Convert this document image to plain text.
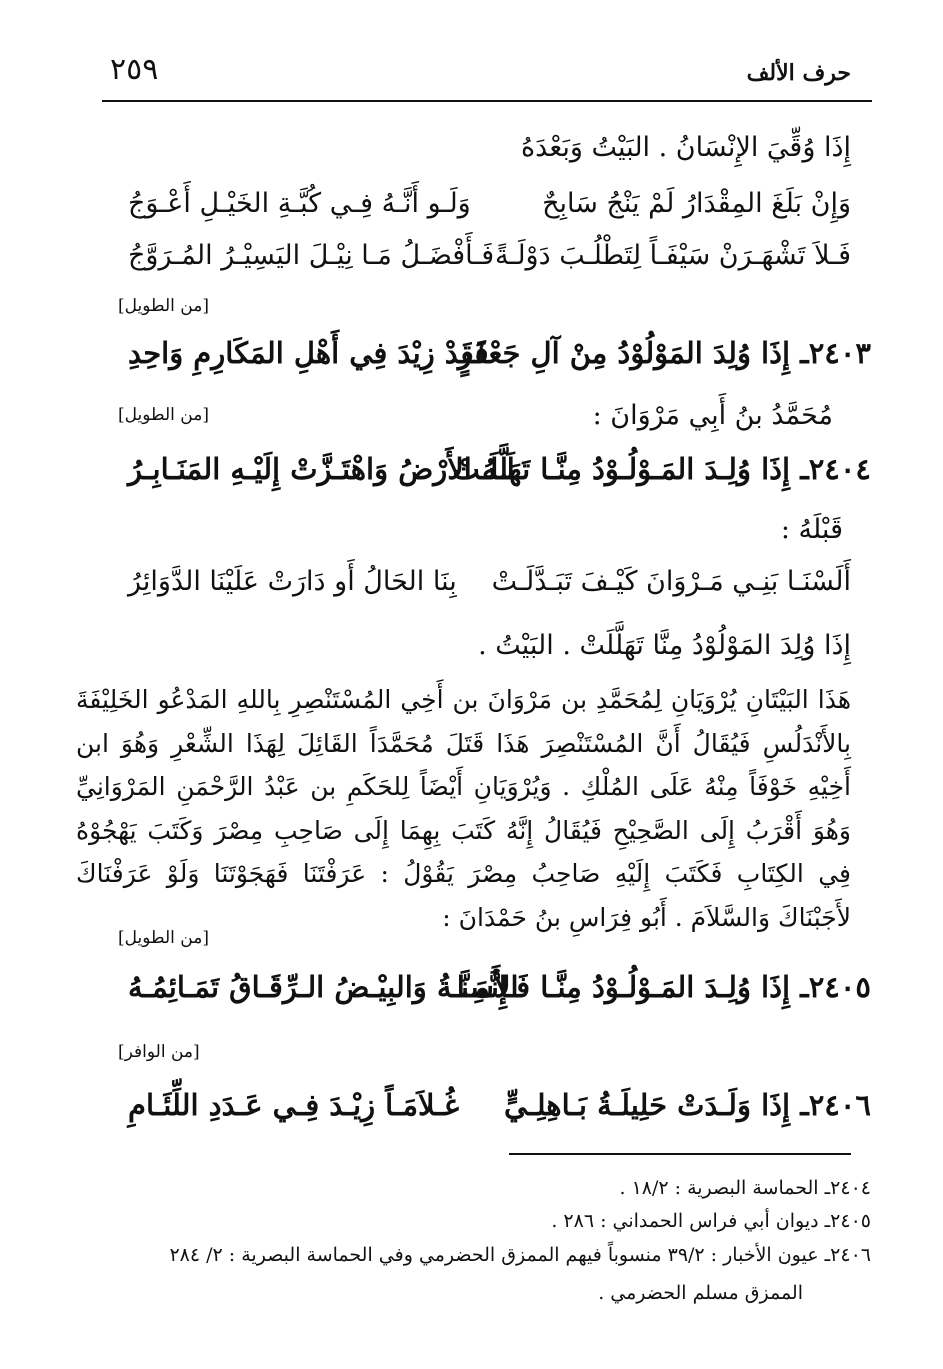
حرف الألف
٢٥٩
إِذَا وُقِّيَ الإِنْسَانُ . البَيْتُ وَبَعْدَهُ
وَإِنْ بَلَغَ المِقْدَارُ لَمْ يَنْجُ سَابِحٌ
وَلَـو أَنَّـهُ فِـي كُبَّـةِ الخَيْـلِ أَعْـوَجُ
فَـلاَ تَشْهَـرَنْ سَيْفَـاً لِتَطْلُـبَ دَوْلَـةً
فَـأَفْضَـلُ مَـا نِيْـلَ اليَسِيْـرُ المُـرَوَّجُ
[من الطويل]
٢٤٠٣ـ إِذَا وُلِدَ المَوْلُوْدُ مِنْ آلِ جَعْفَرٍ
فَقَدْ زِيْدَ فِي أَهْلِ المَكَارِمِ وَاحِدِ
مُحَمَّدُ بنُ أَبِي مَرْوَانَ :
[من الطويل]
٢٤٠٤ـ إِذَا وُلِـدَ المَـوْلُـوْدُ مِنَّـا تَهَلَّلَـتْ
لَـهُ الأَرْضُ وَاهْتَـزَّتْ إِلَيْـهِ المَنَـابِـرُ
قَبْلَهُ :
أَلَسْنَـا بَنِـي مَـرْوَانَ كَيْـفَ تَبَـدَّلَـتْ
بِنَا الحَالُ أَو دَارَتْ عَلَيْنَا الدَّوَائِرُ
إِذَا وُلِدَ المَوْلُوْدُ مِنَّا تَهَلَّلَتْ . البَيْتُ .
هَذَا البَيْتَانِ يُرْوَيَانِ لِمُحَمَّدِ بن مَرْوَانَ بن أَخِي المُسْتَنْصِرِ بِاللهِ المَدْعُو الخَلِيْفَةَ بِالأَنْدَلُسِ فَيُقَالُ أَنَّ المُسْتَنْصِرَ هَذَا قَتَلَ مُحَمَّدَاً القَائِلَ لِهَذَا الشِّعْرِ وَهُوَ ابن أَخِيْهِ خَوْفَاً مِنْهُ عَلَى المُلْكِ . وَيُرْوَيَانِ أَيْضَاً لِلحَكَمِ بن عَبْدُ الرَّحْمَنِ المَرْوَانِيِّ وَهُوَ أَقْرَبُ إِلَى الصَّحِيْحِ فَيُقَالُ إِنَّهُ كَتَبَ بِهِمَا إِلَى صَاحِبِ مِصْرَ وَكَتَبَ يَهْجُوْهُ فِي الكِتَابِ فَكَتَبَ إِلَيْهِ صَاحِبُ مِصْرَ يَقُوْلُ : عَرَفْتَنَا فَهَجَوْتَنَا وَلَوْ عَرَفْنَاكَ لأَجَبْنَاكَ وَالسَّلاَمَ . أَبُو فِرَاسِ بنُ حَمْدَانَ :
[من الطويل]
٢٤٠٥ـ إِذَا وُلِـدَ المَـوْلُـوْدُ مِنَّـا فَـإِنَّمَـا
الأَسِنَّـةُ وَالبِيْـضُ الـرِّقَـاقُ تَمَـائِمُـهُ
[من الوافر]
٢٤٠٦ـ إِذَا وَلَـدَتْ حَلِيلَـةُ بَـاهِلِـيٍّ
غُـلاَمَـاً زِيْـدَ فِـي عَـدَدِ اللِّئَـامِ
٢٤٠٤ـ الحماسة البصرية : ١٨/٢ .
٢٤٠٥ـ ديوان أبي فراس الحمداني : ٢٨٦ .
٢٤٠٦ـ عيون الأخبار : ٣٩/٢ منسوباً فيهم الممزق الحضرمي وفي الحماسة البصرية : ٢/ ٢٨٤
الممزق مسلم الحضرمي .
